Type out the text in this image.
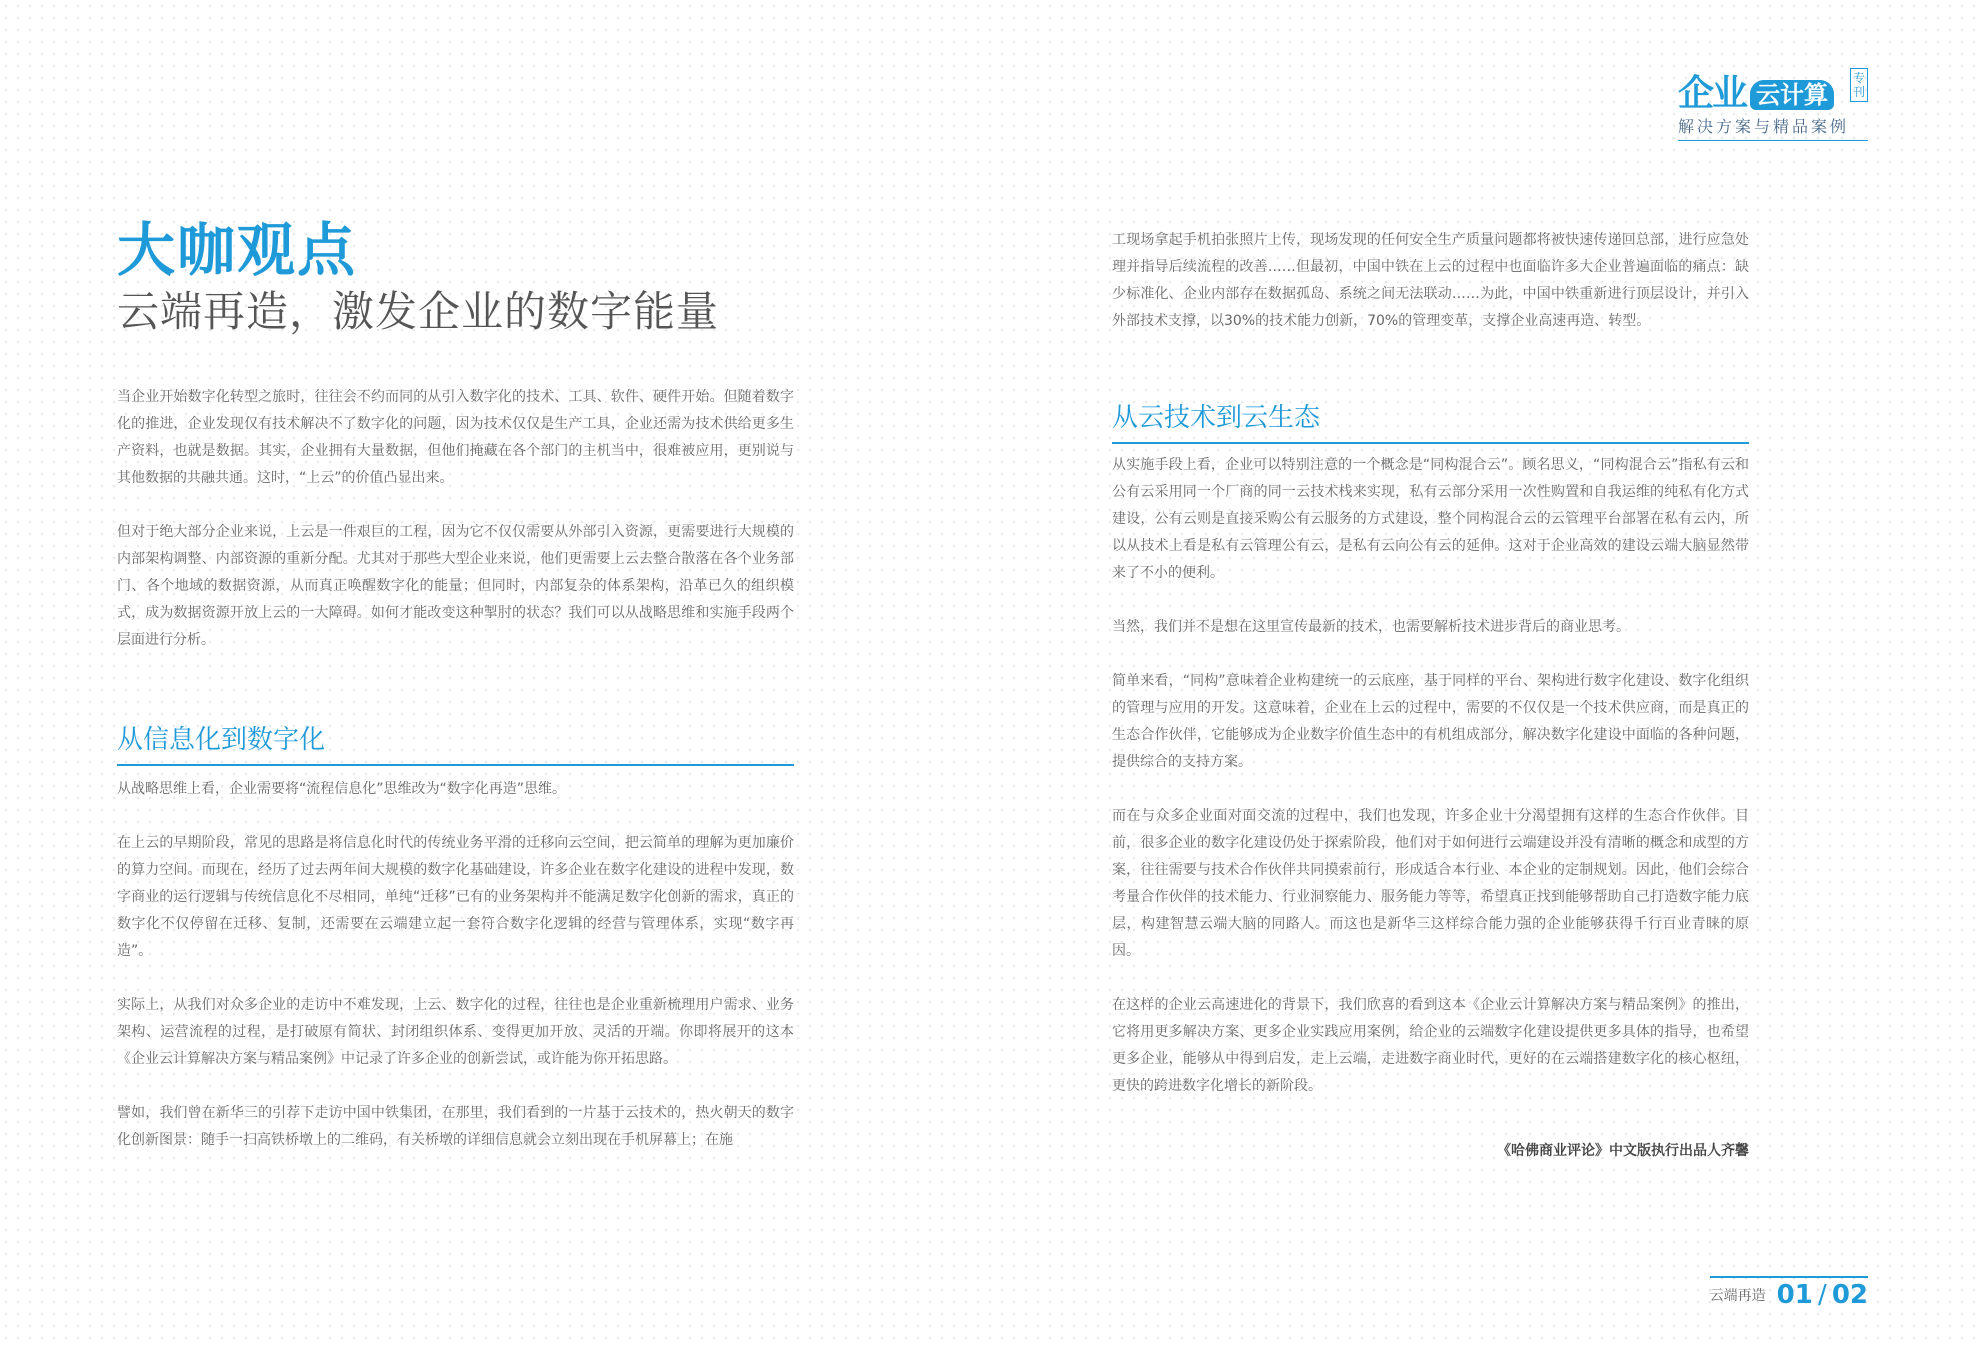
企业 云计算
专刊
解决方案与精品案例
大咖观点
云端再造，激发企业的数字能量

当企业开始数字化转型之旅时，往往会不约而同的从引入数字化的技术、工具、软件、硬件开始。但随着数字化的推进，企业发现仅有技术解决不了数字化的问题，因为技术仅仅是生产工具，企业还需为技术供给更多生产资料，也就是数据。其实，企业拥有大量数据，但他们掩藏在各个部门的主机当中，很难被应用，更别说与其他数据的共融共通。这时，“上云”的价值凸显出来。

但对于绝大部分企业来说，上云是一件艰巨的工程，因为它不仅仅需要从外部引入资源，更需要进行大规模的内部架构调整、内部资源的重新分配。尤其对于那些大型企业来说，他们更需要上云去整合散落在各个业务部门、各个地域的数据资源，从而真正唤醒数字化的能量；但同时，内部复杂的体系架构，沿革已久的组织模式，成为数据资源开放上云的一大障碍。如何才能改变这种掣肘的状态？我们可以从战略思维和实施手段两个层面进行分析。

从信息化到数字化

从战略思维上看，企业需要将“流程信息化”思维改为“数字化再造”思维。

在上云的早期阶段，常见的思路是将信息化时代的传统业务平滑的迁移向云空间，把云简单的理解为更加廉价的算力空间。而现在，经历了过去两年间大规模的数字化基础建设，许多企业在数字化建设的进程中发现，数字商业的运行逻辑与传统信息化不尽相同，单纯“迁移”已有的业务架构并不能满足数字化创新的需求，真正的数字化不仅停留在迁移、复制，还需要在云端建立起一套符合数字化逻辑的经营与管理体系，实现“数字再造”。

实际上，从我们对众多企业的走访中不难发现，上云、数字化的过程，往往也是企业重新梳理用户需求、业务架构、运营流程的过程，是打破原有简状、封闭组织体系、变得更加开放、灵活的开端。你即将展开的这本《企业云计算解决方案与精品案例》中记录了许多企业的创新尝试，或许能为你开拓思路。

譬如，我们曾在新华三的引荐下走访中国中铁集团，在那里，我们看到的一片基于云技术的，热火朝天的数字化创新图景：随手一扫高铁桥墩上的二维码，有关桥墩的详细信息就会立刻出现在手机屏幕上；在施

工现场拿起手机拍张照片上传，现场发现的任何安全生产质量问题都将被快速传递回总部，进行应急处理并指导后续流程的改善……但最初，中国中铁在上云的过程中也面临许多大企业普遍面临的痛点：缺少标准化、企业内部存在数据孤岛、系统之间无法联动……为此，中国中铁重新进行顶层设计，并引入外部技术支撑，以30%的技术能力创新，70%的管理变革，支撑企业高速再造、转型。

从云技术到云生态

从实施手段上看，企业可以特别注意的一个概念是“同构混合云”。顾名思义，“同构混合云”指私有云和公有云采用同一个厂商的同一云技术栈来实现，私有云部分采用一次性购置和自我运维的纯私有化方式建设，公有云则是直接采购公有云服务的方式建设，整个同构混合云的云管理平台部署在私有云内，所以从技术上看是私有云管理公有云，是私有云向公有云的延伸。这对于企业高效的建设云端大脑显然带来了不小的便利。

当然，我们并不是想在这里宣传最新的技术，也需要解析技术进步背后的商业思考。

简单来看，“同构”意味着企业构建统一的云底座，基于同样的平台、架构进行数字化建设、数字化组织的管理与应用的开发。这意味着，企业在上云的过程中，需要的不仅仅是一个技术供应商，而是真正的生态合作伙伴，它能够成为企业数字价值生态中的有机组成部分，解决数字化建设中面临的各种问题，提供综合的支持方案。

而在与众多企业面对面交流的过程中，我们也发现，许多企业十分渴望拥有这样的生态合作伙伴。目前，很多企业的数字化建设仍处于探索阶段，他们对于如何进行云端建设并没有清晰的概念和成型的方案，往往需要与技术合作伙伴共同摸索前行，形成适合本行业、本企业的定制规划。因此，他们会综合考量合作伙伴的技术能力、行业洞察能力、服务能力等等，希望真正找到能够帮助自己打造数字能力底层，构建智慧云端大脑的同路人。而这也是新华三这样综合能力强的企业能够获得千行百业青睐的原因。

在这样的企业云高速进化的背景下，我们欣喜的看到这本《企业云计算解决方案与精品案例》的推出，它将用更多解决方案、更多企业实践应用案例，给企业的云端数字化建设提供更多具体的指导，也希望更多企业，能够从中得到启发，走上云端，走进数字商业时代，更好的在云端搭建数字化的核心枢纽，更快的跨进数字化增长的新阶段。

《哈佛商业评论》中文版执行出品人齐馨
云端再造 01 / 02
